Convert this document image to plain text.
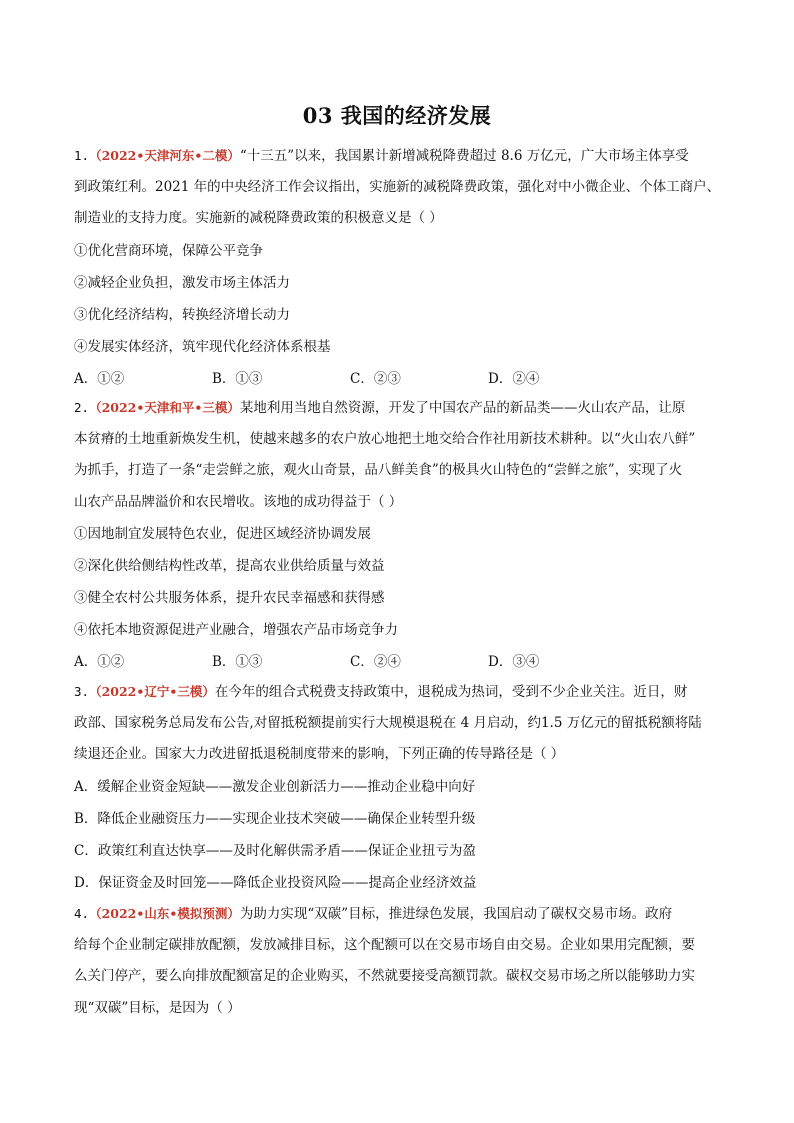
03 我国的经济发展
1.（2022•天津河东•二模）“十三五”以来，我国累计新增减税降费超过 8.6 万亿元，广大市场主体享受
到政策红利。2021 年的中央经济工作会议指出，实施新的减税降费政策，强化对中小微企业、个体工商户、
制造业的支持力度。实施新的减税降费政策的积极意义是（ ）
①优化营商环境，保障公平竞争
②减轻企业负担，激发市场主体活力
③优化经济结构，转换经济增长动力
④发展实体经济，筑牢现代化经济体系根基
A．①②	B．①③	C．②③	D．②④
2.（2022•天津和平•三模）某地利用当地自然资源，开发了中国农产品的新品类——火山农产品，让原
本贫瘠的土地重新焕发生机，使越来越多的农户放心地把土地交给合作社用新技术耕种。以“火山农八鲜”
为抓手，打造了一条“走尝鲜之旅，观火山奇景，品八鲜美食”的极具火山特色的“尝鲜之旅”，实现了火
山农产品品牌溢价和农民增收。该地的成功得益于（ ）
①因地制宜发展特色农业，促进区域经济协调发展
②深化供给侧结构性改革，提高农业供给质量与效益
③健全农村公共服务体系，提升农民幸福感和获得感
④依托本地资源促进产业融合，增强农产品市场竞争力
A．①②	B．①③	C．②④	D．③④
3.（2022•辽宁•三模）在今年的组合式税费支持政策中，退税成为热词，受到不少企业关注。近日，财
政部、国家税务总局发布公告,对留抵税额提前实行大规模退税在 4 月启动，约1.5 万亿元的留抵税额将陆
续退还企业。国家大力改进留抵退税制度带来的影响，下列正确的传导路径是（ ）
A．缓解企业资金短缺——激发企业创新活力——推动企业稳中向好
B．降低企业融资压力——实现企业技术突破——确保企业转型升级
C．政策红利直达快享——及时化解供需矛盾——保证企业扭亏为盈
D．保证资金及时回笼——降低企业投资风险——提高企业经济效益
4.（2022•山东•模拟预测）为助力实现“双碳”目标，推进绿色发展，我国启动了碳权交易市场。政府
给每个企业制定碳排放配额，发放减排目标，这个配额可以在交易市场自由交易。企业如果用完配额，要
么关门停产，要么向排放配额富足的企业购买，不然就要接受高额罚款。碳权交易市场之所以能够助力实
现“双碳”目标，是因为（ ）
